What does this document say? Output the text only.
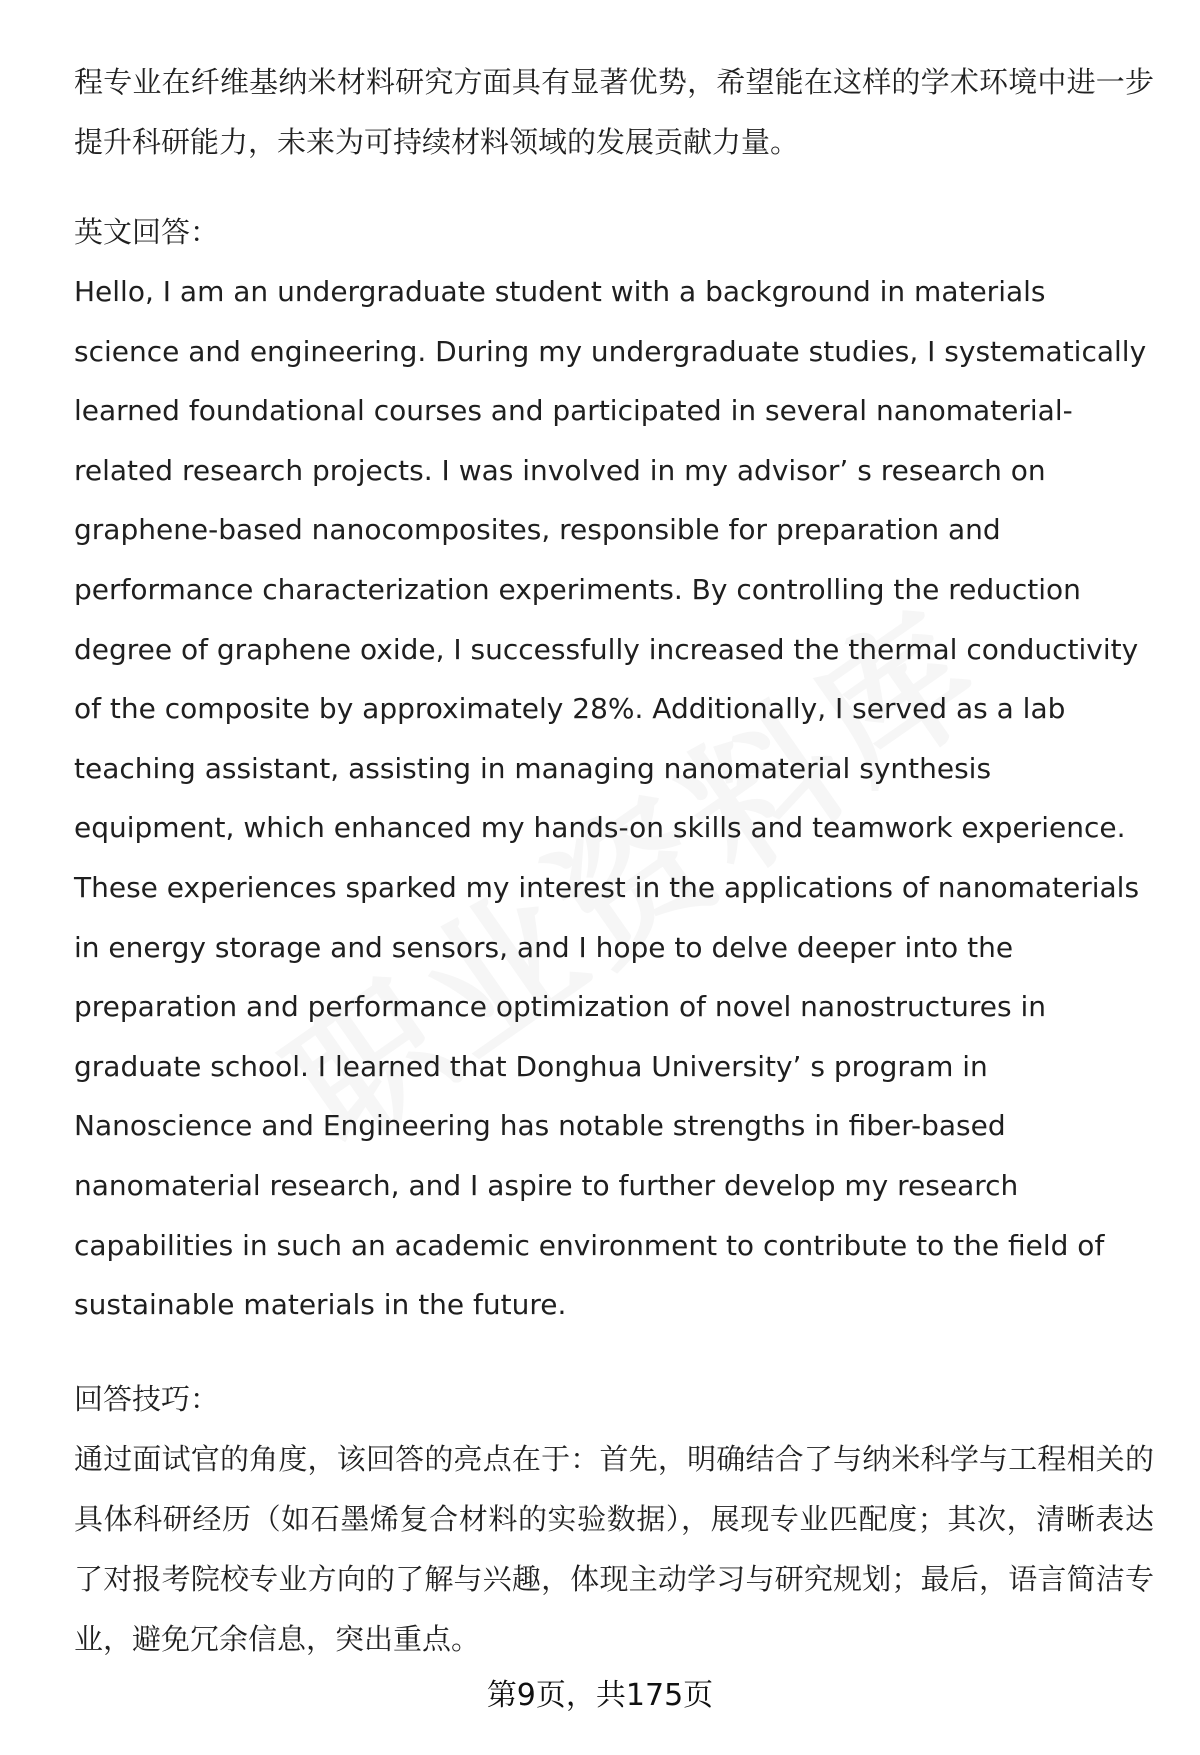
程专业在纤维基纳米材料研究方面具有显著优势，希望能在这样的学术环境中进一步提升科研能力，未来为可持续材料领域的发展贡献力量。

英文回答：

Hello, I am an undergraduate student with a background in materials science and engineering. During my undergraduate studies, I systematically learned foundational courses and participated in several nanomaterial-related research projects. I was involved in my advisor’ s research on graphene-based nanocomposites, responsible for preparation and performance characterization experiments. By controlling the reduction degree of graphene oxide, I successfully increased the thermal conductivity of the composite by approximately 28%. Additionally, I served as a lab teaching assistant, assisting in managing nanomaterial synthesis equipment, which enhanced my hands-on skills and teamwork experience. These experiences sparked my interest in the applications of nanomaterials in energy storage and sensors, and I hope to delve deeper into the preparation and performance optimization of novel nanostructures in graduate school. I learned that Donghua University’ s program in Nanoscience and Engineering has notable strengths in fiber-based nanomaterial research, and I aspire to further develop my research capabilities in such an academic environment to contribute to the field of sustainable materials in the future.

回答技巧：

通过面试官的角度，该回答的亮点在于：首先，明确结合了与纳米科学与工程相关的具体科研经历（如石墨烯复合材料的实验数据），展现专业匹配度；其次，清晰表达了对报考院校专业方向的了解与兴趣，体现主动学习与研究规划；最后，语言简洁专业，避免冗余信息，突出重点。

第9页，共175页
